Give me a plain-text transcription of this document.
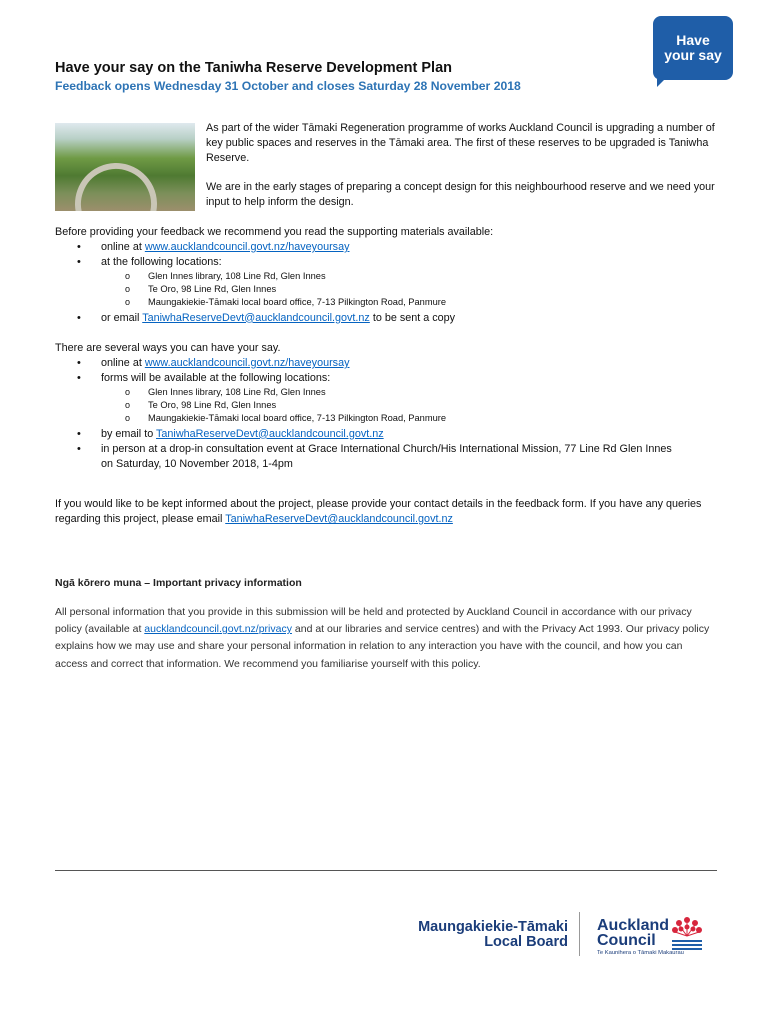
Have
your say
Have your say on the Taniwha Reserve Development Plan

Feedback opens Wednesday 31 October and closes Saturday 28 November 2018

As part of the wider Tāmaki Regeneration programme of works Auckland Council is upgrading a number of key public spaces and reserves in the Tāmaki area. The first of these reserves to be upgraded is Taniwha Reserve.

We are in the early stages of preparing a concept design for this neighbourhood reserve and we need your input to help inform the design.

Before providing your feedback we recommend you read the supporting materials available:

• online at www.aucklandcouncil.govt.nz/haveyoursay
• at the following locations:
o Glen Innes library, 108 Line Rd, Glen Innes
o Te Oro, 98 Line Rd, Glen Innes
o Maungakiekie-Tāmaki local board office, 7-13 Pilkington Road, Panmure
• or email TaniwhaReserveDevt@aucklandcouncil.govt.nz to be sent a copy

There are several ways you can have your say.

• online at www.aucklandcouncil.govt.nz/haveyoursay
• forms will be available at the following locations:
o Glen Innes library, 108 Line Rd, Glen Innes
o Te Oro, 98 Line Rd, Glen Innes
o Maungakiekie-Tāmaki local board office, 7-13 Pilkington Road, Panmure
• by email to TaniwhaReserveDevt@aucklandcouncil.govt.nz
• in person at a drop-in consultation event at Grace International Church/His International Mission, 77 Line Rd Glen Innes on Saturday, 10 November 2018, 1-4pm

If you would like to be kept informed about the project, please provide your contact details in the feedback form. If you have any queries regarding this project, please email TaniwhaReserveDevt@aucklandcouncil.govt.nz

Ngā kōrero muna – Important privacy information

All personal information that you provide in this submission will be held and protected by Auckland Council in accordance with our privacy policy (available at aucklandcouncil.govt.nz/privacy and at our libraries and service centres) and with the Privacy Act 1993. Our privacy policy explains how we may use and share your personal information in relation to any interaction you have with the council, and how you can access and correct that information. We recommend you familiarise yourself with this policy.

Maungakiekie-Tāmaki
Local Board
Auckland
Council
Te Kaunihera o Tāmaki Makaurau
